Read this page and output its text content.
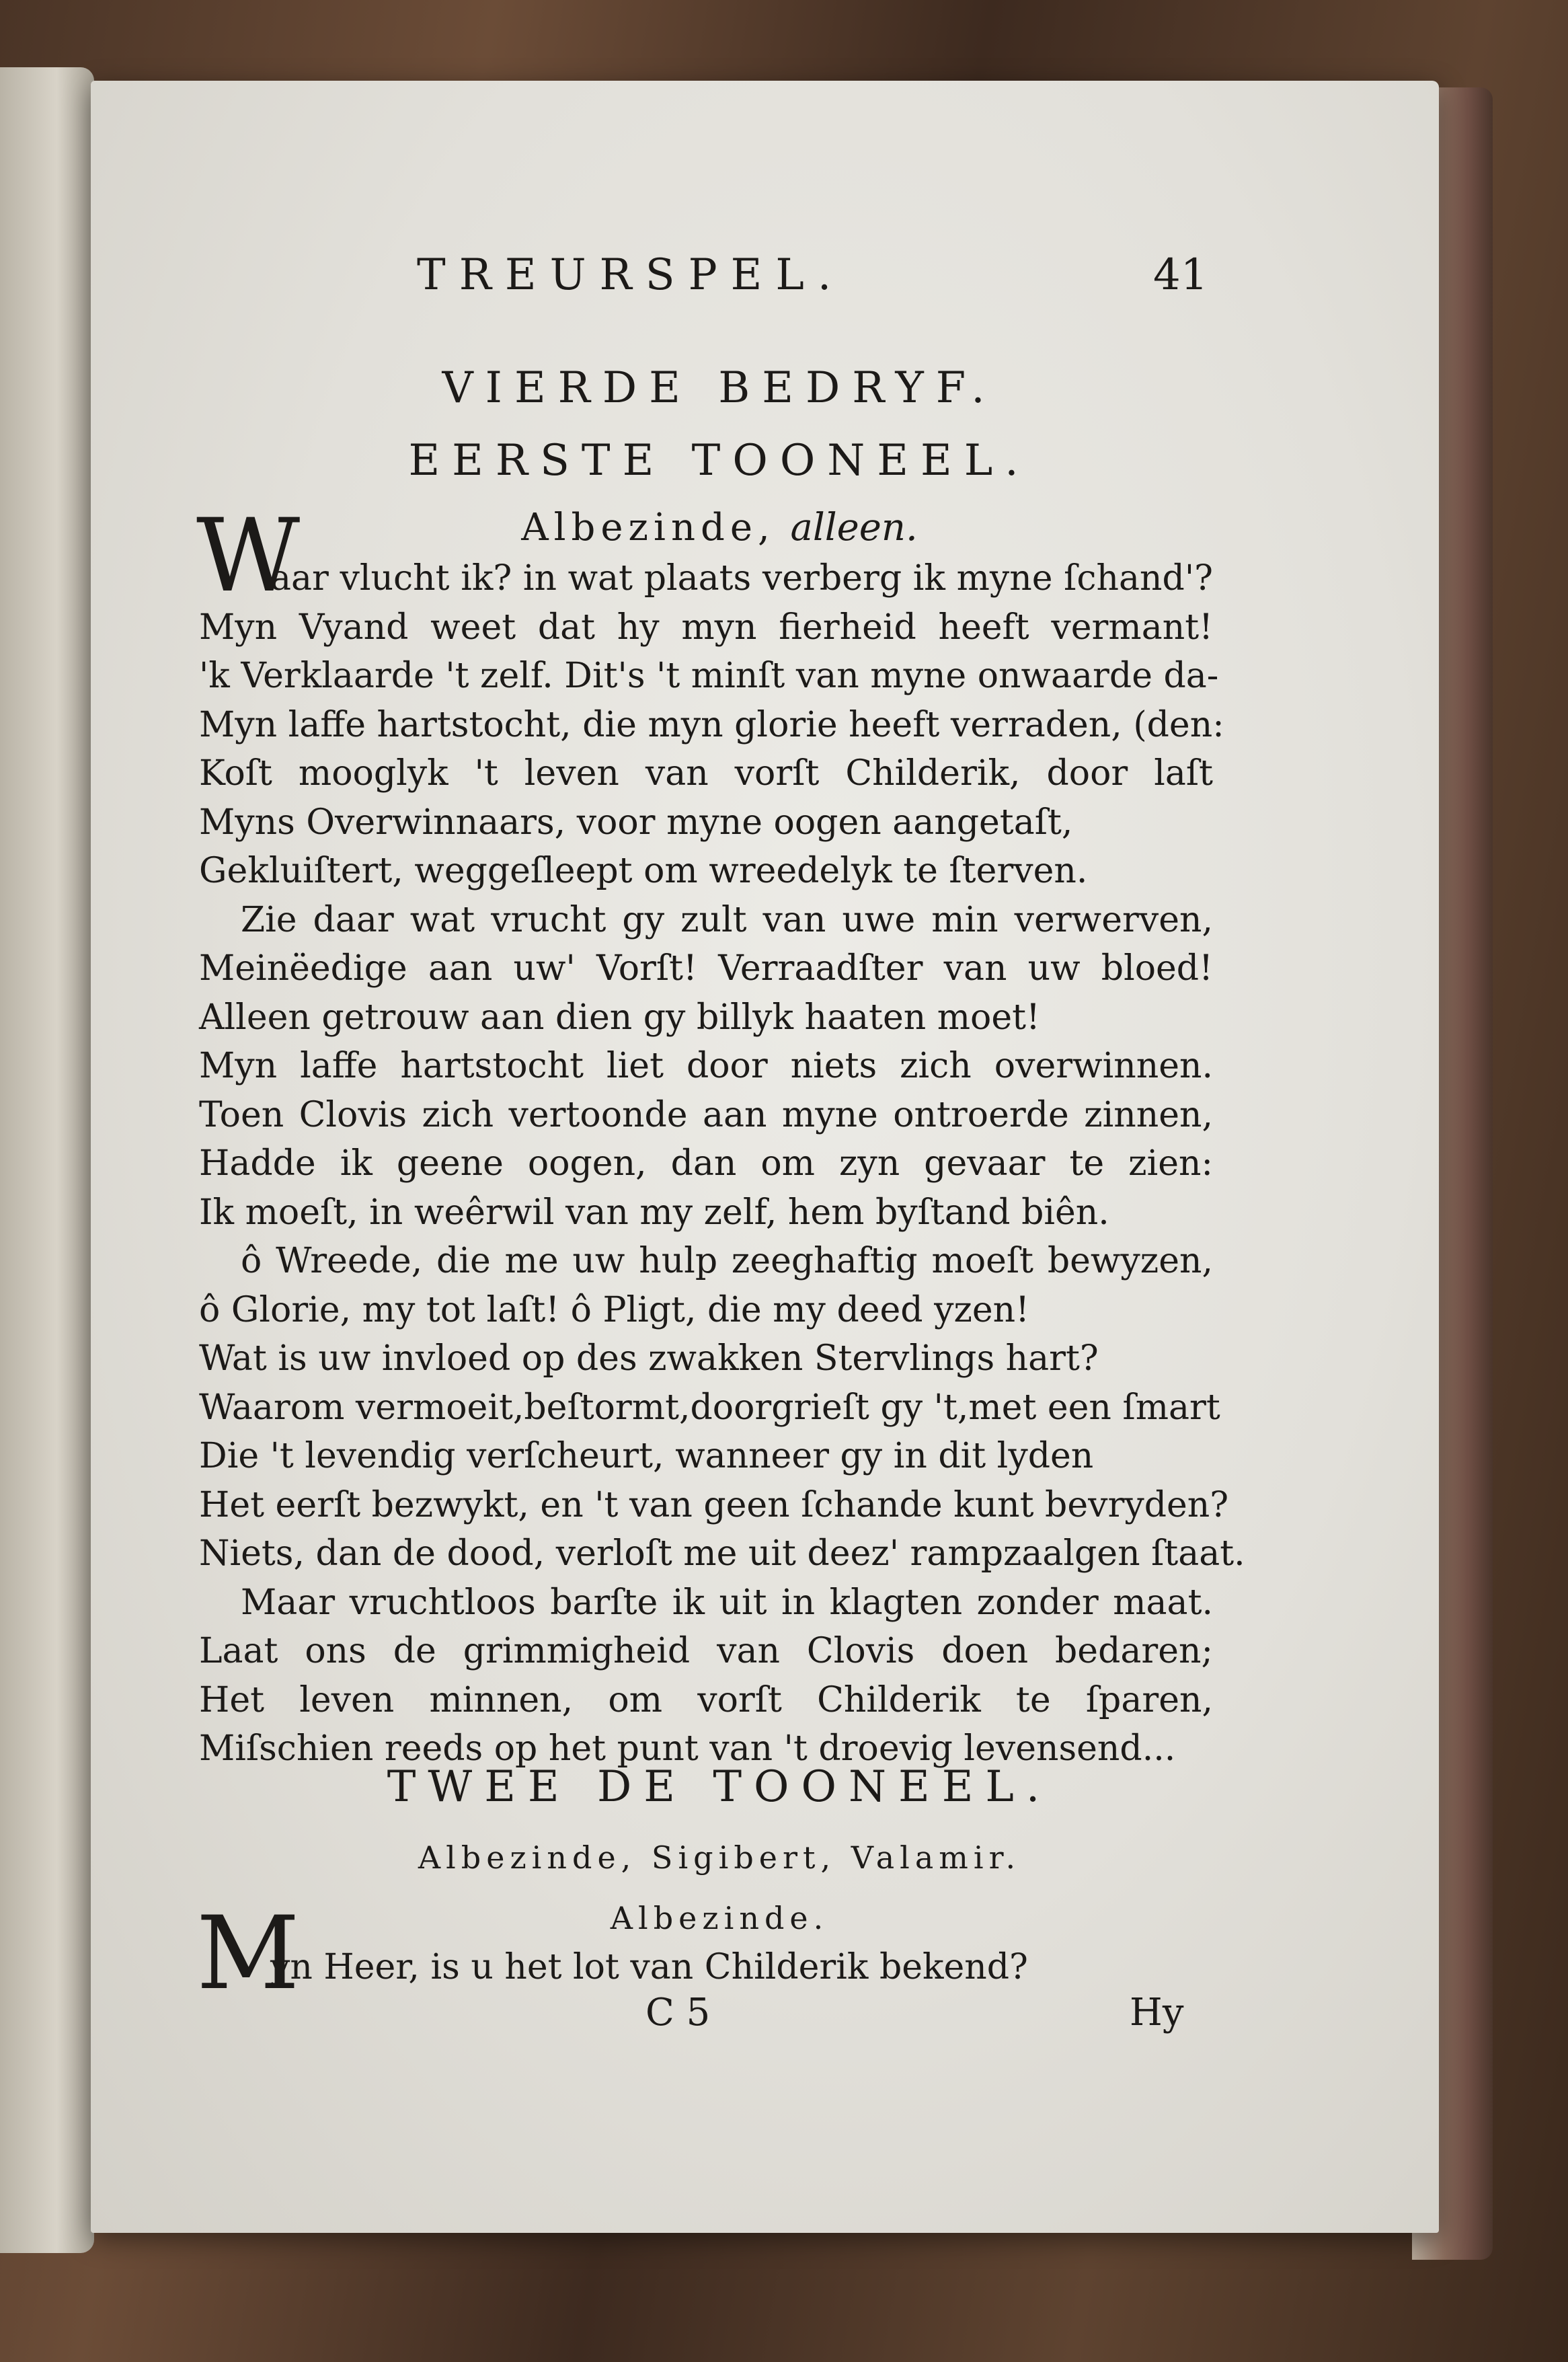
TREURSPEL.	41
VIERDE BEDRYF.
EERSTE TOONEEL.
Albezinde, alleen.
W
aar vlucht ik? in wat plaats verberg ik myne ſchand'?
Myn Vyand weet dat hy myn fierheid heeft vermant!
'k Verklaarde 't zelf. Dit's 't minſt van myne onwaarde da-
Myn laffe hartstocht, die myn glorie heeft verraden, (den:
Koſt mooglyk 't leven van vorſt Childerik, door laſt
Myns Overwinnaars, voor myne oogen aangetaſt,
Gekluiſtert, weggeſleept om wreedelyk te ſterven.
Zie daar wat vrucht gy zult van uwe min verwerven,
Meinëedige aan uw' Vorſt! Verraadſter van uw bloed!
Alleen getrouw aan dien gy billyk haaten moet!
Myn laffe hartstocht liet door niets zich overwinnen.
Toen Clovis zich vertoonde aan myne ontroerde zinnen,
Hadde ik geene oogen, dan om zyn gevaar te zien:
Ik moeſt, in weêrwil van my zelf, hem byſtand biên.
ô Wreede, die me uw hulp zeeghaftig moeſt bewyzen,
ô Glorie, my tot laſt! ô Pligt, die my deed yzen!
Wat is uw invloed op des zwakken Stervlings hart?
Waarom vermoeit,beſtormt,doorgrieſt gy 't,met een ſmart
Die 't levendig verſcheurt, wanneer gy in dit lyden
Het eerſt bezwykt, en 't van geen ſchande kunt bevryden?
Niets, dan de dood, verloſt me uit deez' rampzaalgen ſtaat.
Maar vruchtloos barſte ik uit in klagten zonder maat.
Laat ons de grimmigheid van Clovis doen bedaren;
Het leven minnen, om vorſt Childerik te ſparen,
Miſschien reeds op het punt van 't droevig levensend...
TWEE DE TOONEEL.
Albezinde, Sigibert, Valamir.
Albezinde.
M
yn Heer, is u het lot van Childerik bekend?
C 5	Hy
